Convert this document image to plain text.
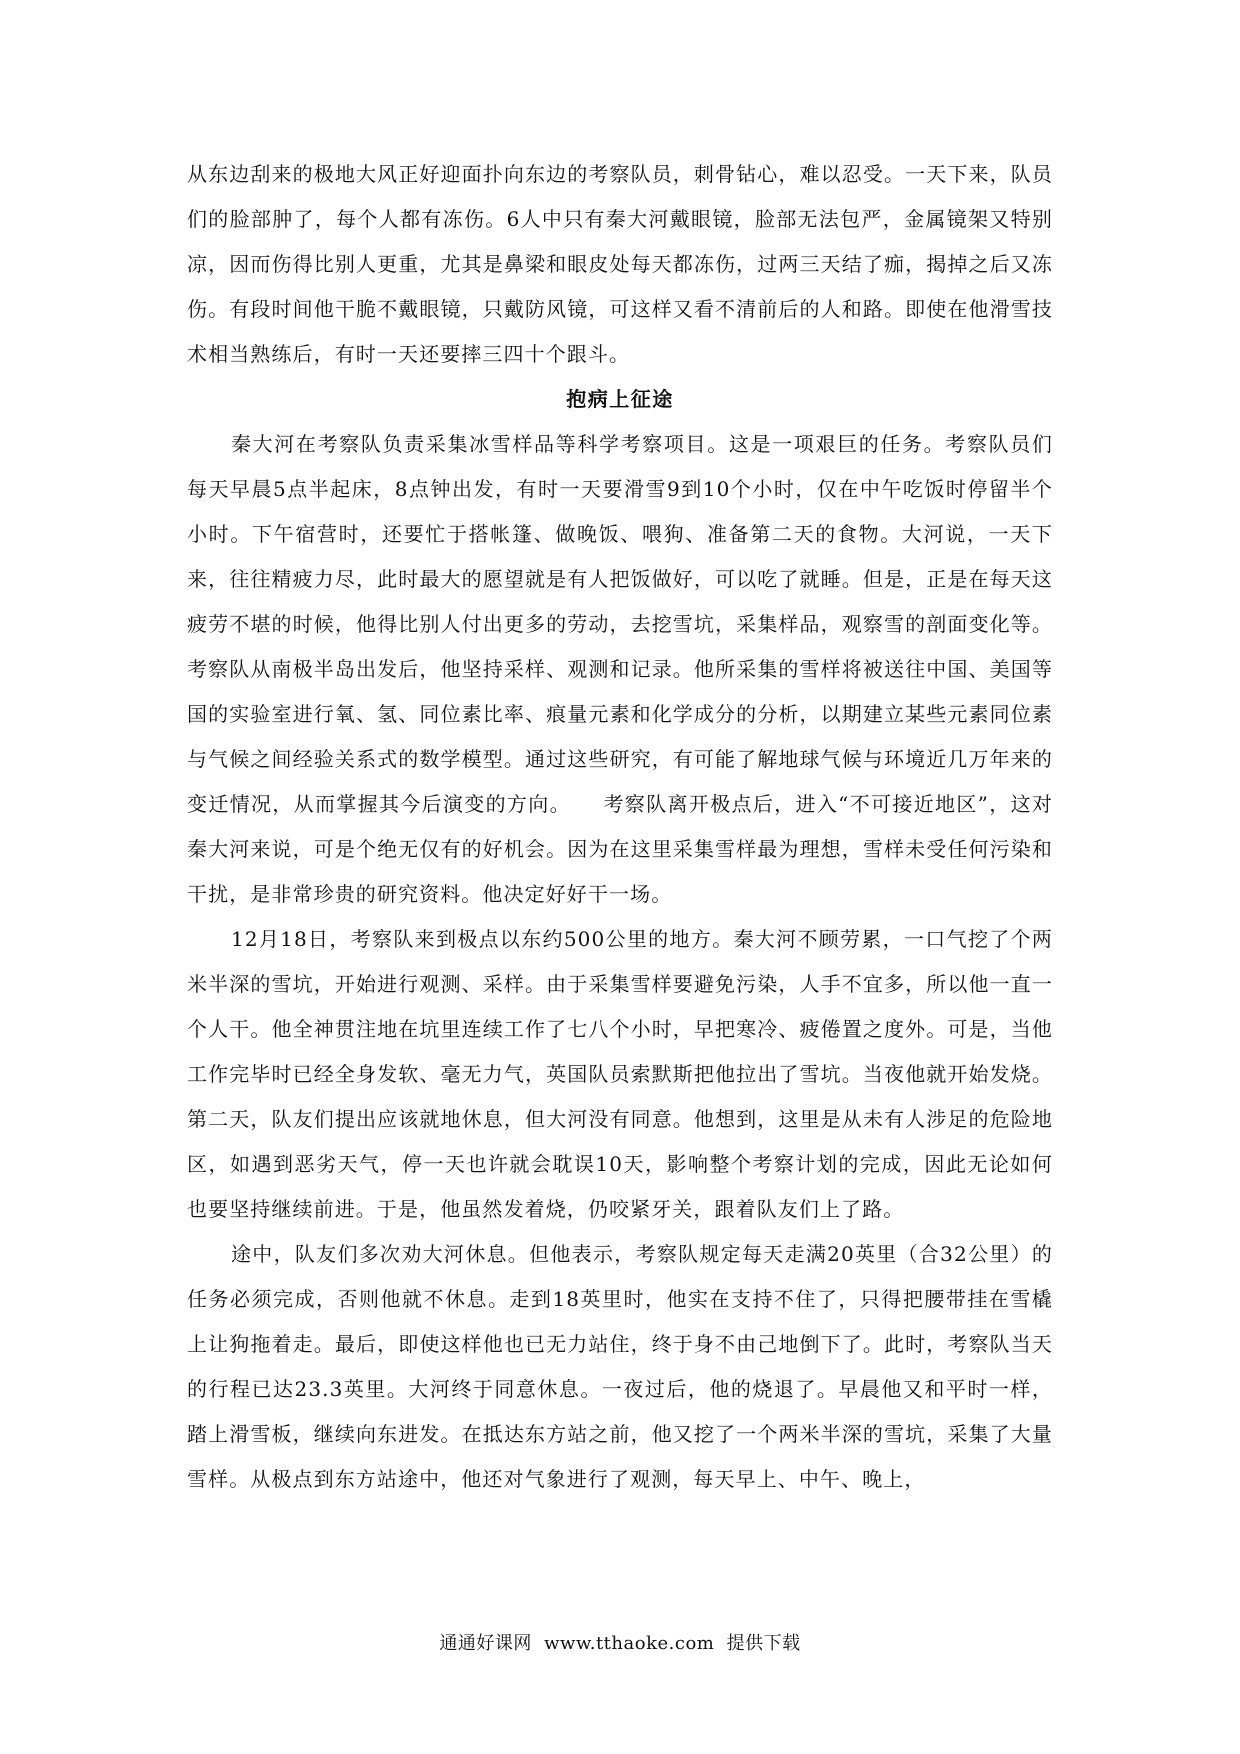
从东边刮来的极地大风正好迎面扑向东边的考察队员，刺骨钻心，难以忍受。一天下来，队员们的脸部肿了，每个人都有冻伤。6人中只有秦大河戴眼镜，脸部无法包严，金属镜架又特别凉，因而伤得比别人更重，尤其是鼻梁和眼皮处每天都冻伤，过两三天结了痂，揭掉之后又冻伤。有段时间他干脆不戴眼镜，只戴防风镜，可这样又看不清前后的人和路。即使在他滑雪技术相当熟练后，有时一天还要摔三四十个跟斗。

抱病上征途

秦大河在考察队负责采集冰雪样品等科学考察项目。这是一项艰巨的任务。考察队员们每天早晨5点半起床，8点钟出发，有时一天要滑雪9到10个小时，仅在中午吃饭时停留半个小时。下午宿营时，还要忙于搭帐篷、做晚饭、喂狗、准备第二天的食物。大河说，一天下来，往往精疲力尽，此时最大的愿望就是有人把饭做好，可以吃了就睡。但是，正是在每天这疲劳不堪的时候，他得比别人付出更多的劳动，去挖雪坑，采集样品，观察雪的剖面变化等。考察队从南极半岛出发后，他坚持采样、观测和记录。他所采集的雪样将被送往中国、美国等国的实验室进行氧、氢、同位素比率、痕量元素和化学成分的分析，以期建立某些元素同位素与气候之间经验关系式的数学模型。通过这些研究，有可能了解地球气候与环境近几万年来的变迁情况，从而掌握其今后演变的方向。　　考察队离开极点后，进入“不可接近地区”，这对秦大河来说，可是个绝无仅有的好机会。因为在这里采集雪样最为理想，雪样未受任何污染和干扰，是非常珍贵的研究资料。他决定好好干一场。

12月18日，考察队来到极点以东约500公里的地方。秦大河不顾劳累，一口气挖了个两米半深的雪坑，开始进行观测、采样。由于采集雪样要避免污染，人手不宜多，所以他一直一个人干。他全神贯注地在坑里连续工作了七八个小时，早把寒冷、疲倦置之度外。可是，当他工作完毕时已经全身发软、毫无力气，英国队员索默斯把他拉出了雪坑。当夜他就开始发烧。第二天，队友们提出应该就地休息，但大河没有同意。他想到，这里是从未有人涉足的危险地区，如遇到恶劣天气，停一天也许就会耽误10天，影响整个考察计划的完成，因此无论如何也要坚持继续前进。于是，他虽然发着烧，仍咬紧牙关，跟着队友们上了路。

途中，队友们多次劝大河休息。但他表示，考察队规定每天走满20英里（合32公里）的任务必须完成，否则他就不休息。走到18英里时，他实在支持不住了，只得把腰带挂在雪橇上让狗拖着走。最后，即使这样他也已无力站住，终于身不由己地倒下了。此时，考察队当天的行程已达23.3英里。大河终于同意休息。一夜过后，他的烧退了。早晨他又和平时一样，踏上滑雪板，继续向东进发。在抵达东方站之前，他又挖了一个两米半深的雪坑，采集了大量雪样。从极点到东方站途中，他还对气象进行了观测，每天早上、中午、晚上，

通通好课网 www.tthaoke.com 提供下载
